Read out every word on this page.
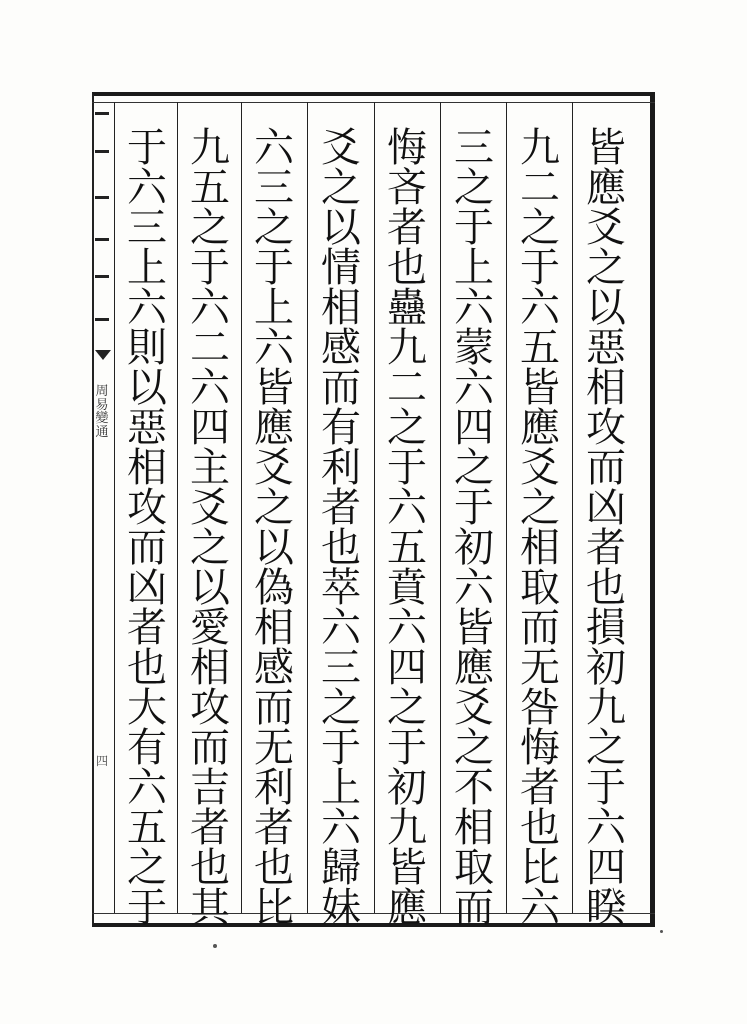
周
易
變
通
四
皆
應
爻
之
以
惡
相
攻
而
凶
者
也
損
初
九
之
于
六
四
睽
九
二
之
于
六
五
皆
應
爻
之
相
取
而
无
咎
悔
者
也
比
六
三
之
于
上
六
蒙
六
四
之
于
初
六
皆
應
爻
之
不
相
取
而
悔
吝
者
也
蠱
九
二
之
于
六
五
賁
六
四
之
于
初
九
皆
應
爻
之
以
情
相
感
而
有
利
者
也
萃
六
三
之
于
上
六
歸
妹
六
三
之
于
上
六
皆
應
爻
之
以
偽
相
感
而
无
利
者
也
比
九
五
之
于
六
二
六
四
主
爻
之
以
愛
相
攻
而
吉
者
也
其
于
六
三
上
六
則
以
惡
相
攻
而
凶
者
也
大
有
六
五
之
于
